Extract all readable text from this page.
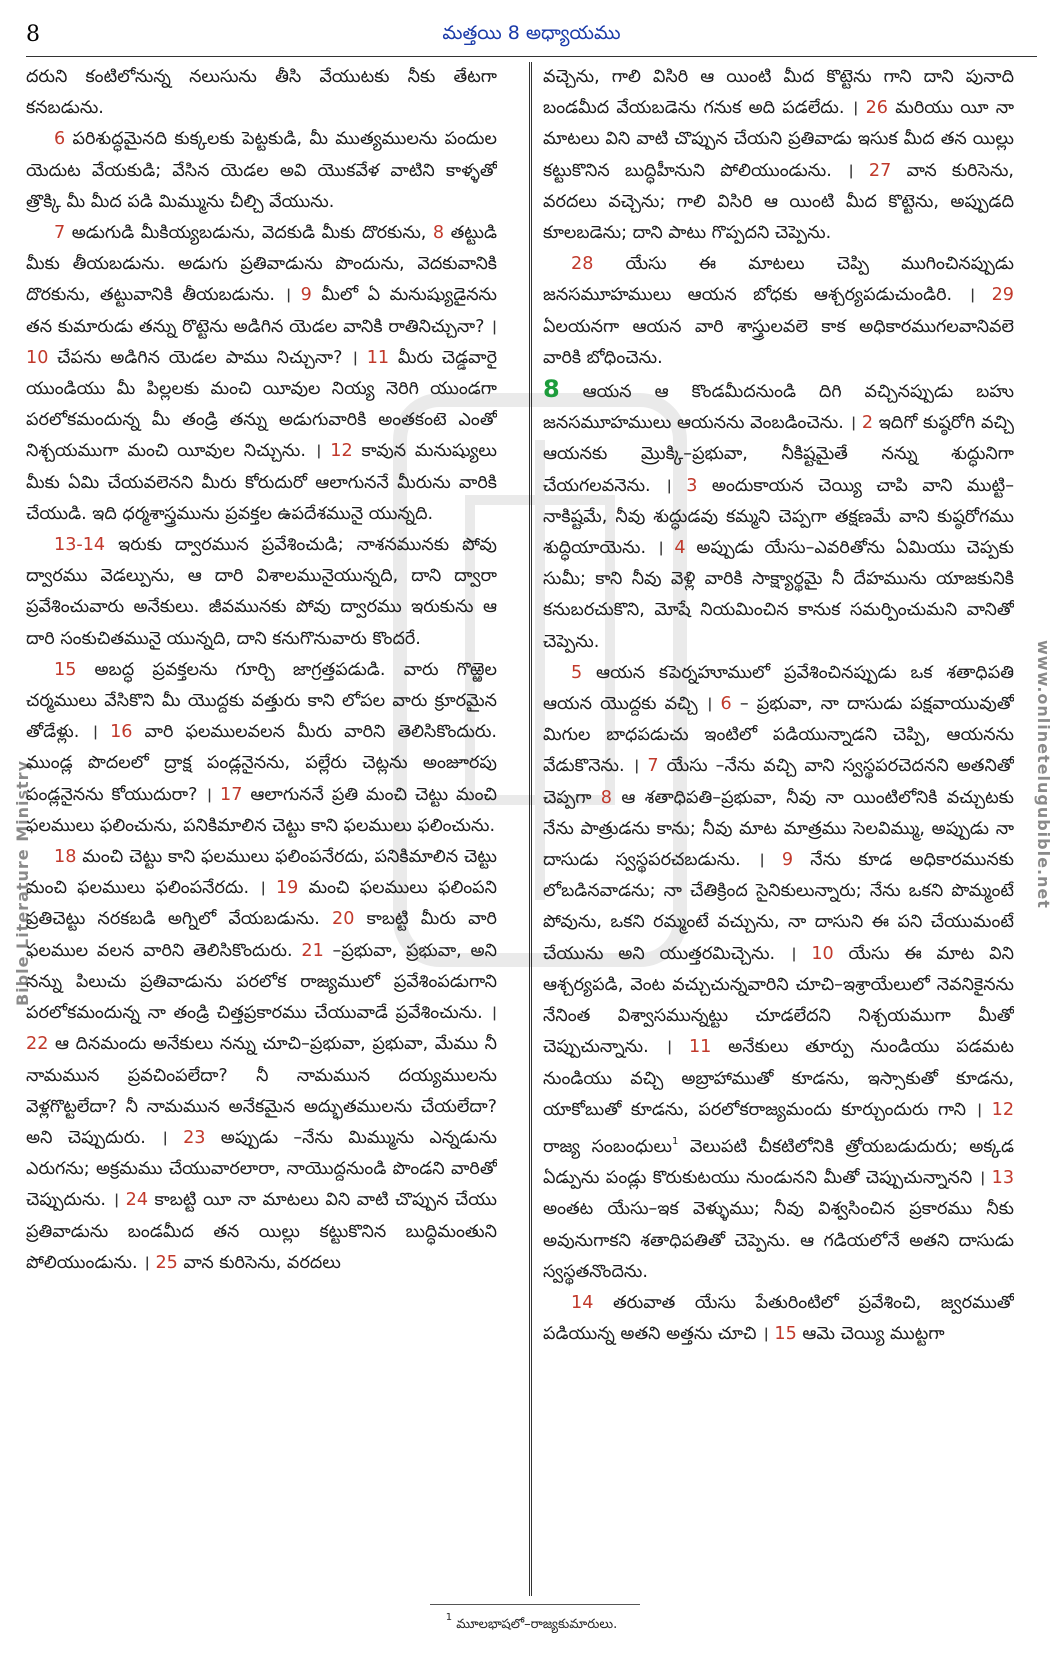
8	మత్తయి 8 అధ్యాయము
Bible Literature Ministry	www.onlinetelugubible.net

దరుని కంటిలోనున్న నలుసును తీసి వేయుటకు నీకు తేటగా కనబడును.

6 పరిశుద్ధమైనది కుక్కలకు పెట్టకుడి, మీ ముత్యములను పందుల యెదుట వేయకుడి; వేసిన యెడల అవి యొకవేళ వాటిని కాళ్ళతో త్రొక్కి మీ మీద పడి మిమ్మును చీల్చి వేయును.

7 అడుగుడి మీకియ్యబడును, వెదకుడి మీకు దొరకును, 8 తట్టుడి మీకు తీయబడును. అడుగు ప్రతివాడును పొందును, వెదకువానికి దొరకును, తట్టువానికి తీయబడును. । 9 మీలో ఏ మనుష్యుడైనను తన కుమారుడు తన్ను రొట్టెను అడిగిన యెడల వానికి రాతినిచ్చునా? । 10 చేపను అడిగిన యెడల పాము నిచ్చునా? । 11 మీరు చెడ్డవారై యుండియు మీ పిల్లలకు మంచి యీవుల నియ్య నెరిగి యుండగా పరలోకమందున్న మీ తండ్రి తన్ను అడుగువారికి అంతకంటె ఎంతో నిశ్చయముగా మంచి యీవుల నిచ్చును. । 12 కావున మనుష్యులు మీకు ఏమి చేయవలెనని మీరు కోరుదురో ఆలాగుననే మీరును వారికి చేయుడి. ఇది ధర్మశాస్త్రమును ప్రవక్తల ఉపదేశమునై యున్నది.

13-14 ఇరుకు ద్వారమున ప్రవేశించుడి; నాశనమునకు పోవు ద్వారము వెడల్పును, ఆ దారి విశాలమునైయున్నది, దాని ద్వారా ప్రవేశించువారు అనేకులు. జీవమునకు పోవు ద్వారము ఇరుకును ఆ దారి సంకుచితమునై యున్నది, దాని కనుగొనువారు కొందరే.

15 అబద్ధ ప్రవక్తలను గూర్చి జాగ్రత్తపడుడి. వారు గొఱ్ఱెల చర్మములు వేసికొని మీ యొద్దకు వత్తురు కాని లోపల వారు క్రూరమైన తోడేళ్లు. । 16 వారి ఫలములవలన మీరు వారిని తెలిసికొందురు. ముండ్ల పొదలలో ద్రాక్ష పండ్లనైనను, పల్లేరు చెట్లను అంజూరపు పండ్లనైనను కోయుదురా? । 17 ఆలాగుననే ప్రతి మంచి చెట్టు మంచి ఫలములు ఫలించును, పనికిమాలిన చెట్టు కాని ఫలములు ఫలించును.

18 మంచి చెట్టు కాని ఫలములు ఫలింపనేరదు, పనికిమాలిన చెట్టు మంచి ఫలములు ఫలింపనేరదు. । 19 మంచి ఫలములు ఫలింపని ప్రతిచెట్టు నరకబడి అగ్నిలో వేయబడును. 20 కాబట్టి మీరు వారి ఫలముల వలన వారిని తెలిసికొందురు. 21 –ప్రభువా, ప్రభువా, అని నన్ను పిలుచు ప్రతివాడును పరలోక రాజ్యములో ప్రవేశింపడుగాని పరలోకమందున్న నా తండ్రి చిత్తప్రకారము చేయువాడే ప్రవేశించును. । 22 ఆ దినమందు అనేకులు నన్ను చూచి–ప్రభువా, ప్రభువా, మేము నీ నామమున ప్రవచింపలేదా? నీ నామమున దయ్యములను వెళ్లగొట్టలేదా? నీ నామమున అనేకమైన అద్భుతములను చేయలేదా? అని చెప్పుదురు. । 23 అప్పుడు –నేను మిమ్మును ఎన్నడును ఎరుగను; అక్రమము చేయువారలారా, నాయొద్దనుండి పొండని వారితో చెప్పుదును. । 24 కాబట్టి యీ నా మాటలు విని వాటి చొప్పున చేయు ప్రతివాడును బండమీద తన యిల్లు కట్టుకొనిన బుద్ధిమంతుని పోలియుండును. । 25 వాన కురిసెను, వరదలు

వచ్చెను, గాలి విసిరి ఆ యింటి మీద కొట్టెను గాని దాని పునాది బండమీద వేయబడెను గనుక అది పడలేదు. । 26 మరియు యీ నా మాటలు విని వాటి చొప్పున చేయని ప్రతివాడు ఇసుక మీద తన యిల్లు కట్టుకొనిన బుద్ధిహీనుని పోలియుండును. । 27 వాన కురిసెను, వరదలు వచ్చెను; గాలి విసిరి ఆ యింటి మీద కొట్టెను, అప్పుడది కూలబడెను; దాని పాటు గొప్పదని చెప్పెను.

28 యేసు ఈ మాటలు చెప్పి ముగించినప్పుడు జనసమూహములు ఆయన బోధకు ఆశ్చర్యపడుచుండిరి. । 29 ఏలయనగా ఆయన వారి శాస్త్రులవలె కాక అధికారముగలవానివలె వారికి బోధించెను.

8 ఆయన ఆ కొండమీదనుండి దిగి వచ్చినప్పుడు బహు జనసమూహములు ఆయనను వెంబడించెను. । 2 ఇదిగో కుష్ఠరోగి వచ్చి ఆయనకు మ్రొక్కి–ప్రభువా, నీకిష్టమైతే నన్ను శుద్ధునిగా చేయగలవనెను. । 3 అందుకాయన చెయ్యి చాపి వాని ముట్టి–నాకిష్టమే, నీవు శుద్ధుడవు కమ్మని చెప్పగా తక్షణమే వాని కుష్ఠరోగము శుద్ధియాయెను. । 4 అప్పుడు యేసు–ఎవరితోను ఏమియు చెప్పకు సుమీ; కాని నీవు వెళ్లి వారికి సాక్ష్యార్థమై నీ దేహమును యాజకునికి కనుబరచుకొని, మోషే నియమించిన కానుక సమర్పించుమని వానితో చెప్పెను.

5 ఆయన కపెర్నహూములో ప్రవేశించినప్పుడు ఒక శతాధిపతి ఆయన యొద్దకు వచ్చి । 6 – ప్రభువా, నా దాసుడు పక్షవాయువుతో మిగుల బాధపడుచు ఇంటిలో పడియున్నాడని చెప్పి, ఆయనను వేడుకొనెను. । 7 యేసు –నేను వచ్చి వాని స్వస్థపరచెదనని అతనితో చెప్పగా 8 ఆ శతాధిపతి–ప్రభువా, నీవు నా యింటిలోనికి వచ్చుటకు నేను పాత్రుడను కాను; నీవు మాట మాత్రము సెలవిమ్ము, అప్పుడు నా దాసుడు స్వస్థపరచబడును. । 9 నేను కూడ అధికారమునకు లోబడినవాడను; నా చేతిక్రింద సైనికులున్నారు; నేను ఒకని పొమ్మంటే పోవును, ఒకని రమ్మంటే వచ్చును, నా దాసుని ఈ పని చేయుమంటే చేయును అని యుత్తరమిచ్చెను. । 10 యేసు ఈ మాట విని ఆశ్చర్యపడి, వెంట వచ్చుచున్నవారిని చూచి–ఇశ్రాయేలులో నెవనికైనను నేనింత విశ్వాసమున్నట్టు చూడలేదని నిశ్చయముగా మీతో చెప్పుచున్నాను. । 11 అనేకులు తూర్పు నుండియు పడమట నుండియు వచ్చి అబ్రాహాముతో కూడను, ఇస్సాకుతో కూడను, యాకోబుతో కూడను, పరలోకరాజ్యమందు కూర్చుందురు గాని । 12 రాజ్య సంబంధులు$^1$ వెలుపటి చీకటిలోనికి త్రోయబడుదురు; అక్కడ ఏడ్పును పండ్లు కొరుకుటయు నుండునని మీతో చెప్పుచున్నానని । 13 అంతట యేసు–ఇక వెళ్ళుము; నీవు విశ్వసించిన ప్రకారము నీకు అవునుగాకని శతాధిపతితో చెప్పెను. ఆ గడియలోనే అతని దాసుడు స్వస్థతనొందెను.

14 తరువాత యేసు పేతురింటిలో ప్రవేశించి, జ్వరముతో పడియున్న అతని అత్తను చూచి । 15 ఆమె చెయ్యి ముట్టగా

$^1$ మూలభాషలో–రాజ్యకుమారులు.
